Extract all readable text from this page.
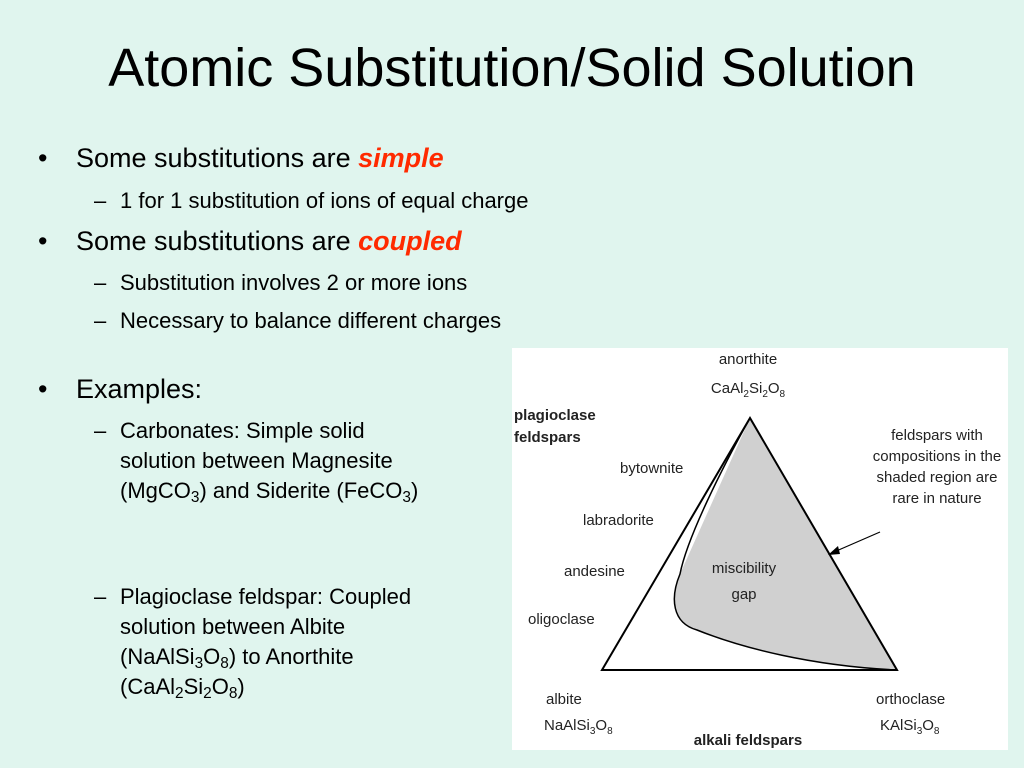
Atomic Substitution/Solid Solution
• Some substitutions are simple
– 1 for 1 substitution of ions of equal charge
• Some substitutions are coupled
– Substitution involves 2 or more ions
– Necessary to balance different charges
• Examples:
– Carbonates: Simple solid solution between Magnesite (MgCO$_3$) and Siderite (FeCO$_3$)
– Plagioclase feldspar: Coupled solution between Albite $(NaAlSi_3O_8)$ to Anorthite $(CaAl_2Si_2O_8)$
anorthite
$CaAl_2Si_2O_8$
plagioclase
feldspars
bytownite
labradorite
andesine
oligoclase
miscibility
gap
feldspars with
compositions in the
shaded region are
rare in nature
albite
$NaAlSi_3O_8$
orthoclase
$KAlSi_3O_8$
alkali feldspars
